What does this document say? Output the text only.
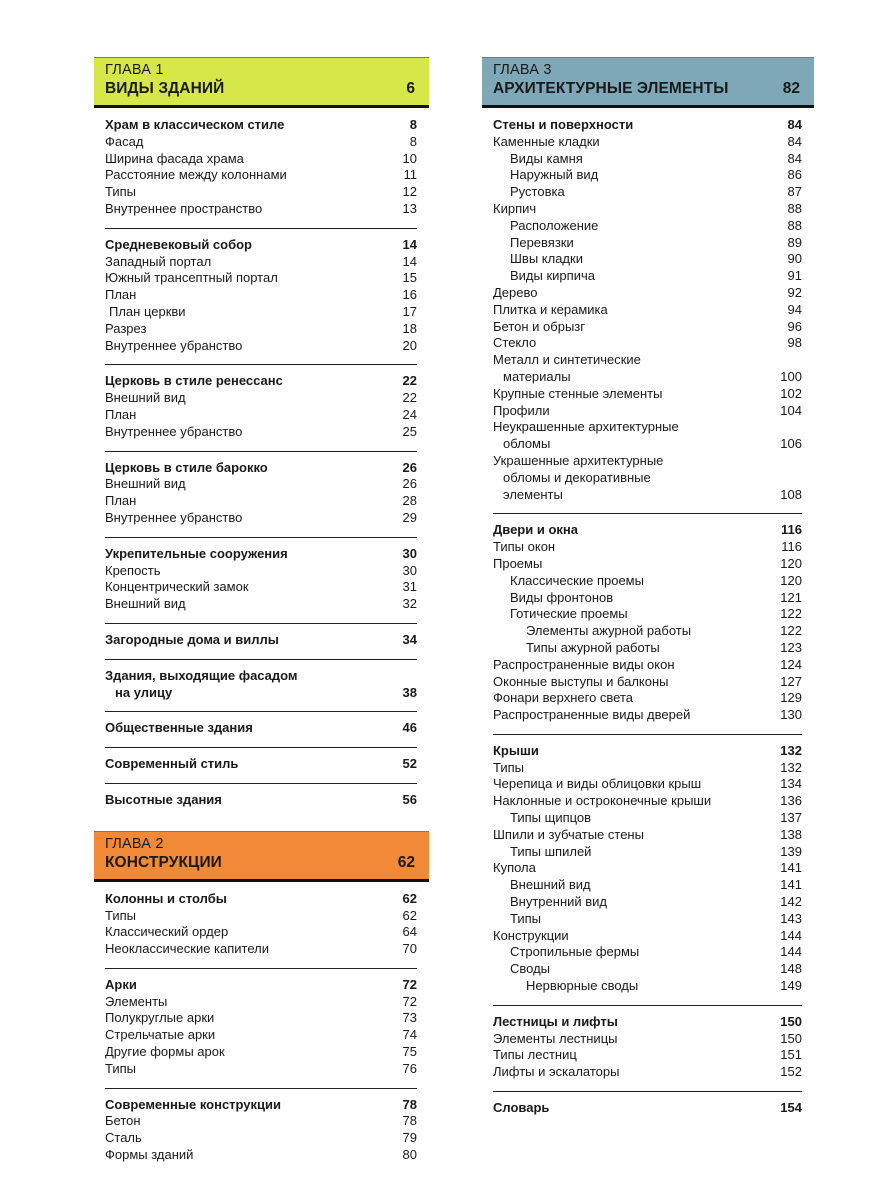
ГЛАВА 1
ВИДЫ ЗДАНИЙ	6
Храм в классическом стиле	8
Фасад	8
Ширина фасада храма	10
Расстояние между колоннами	11
Типы	12
Внутреннее пространство	13
Средневековый собор	14
Западный портал	14
Южный трансептный портал	15
План	16
План церкви	17
Разрез	18
Внутреннее убранство	20
Церковь в стиле ренессанс	22
Внешний вид	22
План	24
Внутреннее убранство	25
Церковь в стиле барокко	26
Внешний вид	26
План	28
Внутреннее убранство	29
Укрепительные сооружения	30
Крепость	30
Концентрический замок	31
Внешний вид	32
Загородные дома и виллы	34
Здания, выходящие фасадом
на улицу	38
Общественные здания	46
Современный стиль	52
Высотные здания	56
ГЛАВА 2
КОНСТРУКЦИИ	62
Колонны и столбы	62
Типы	62
Классический ордер	64
Неоклассические капители	70
Арки	72
Элементы	72
Полукруглые арки	73
Стрельчатые арки	74
Другие формы арок	75
Типы	76
Современные конструкции	78
Бетон	78
Сталь	79
Формы зданий	80
ГЛАВА 3
АРХИТЕКТУРНЫЕ ЭЛЕМЕНТЫ	82
Стены и поверхности	84
Каменные кладки	84
Виды камня	84
Наружный вид	86
Рустовка	87
Кирпич	88
Расположение	88
Перевязки	89
Швы кладки	90
Виды кирпича	91
Дерево	92
Плитка и керамика	94
Бетон и обрызг	96
Стекло	98
Металл и синтетические
материалы	100
Крупные стенные элементы	102
Профили	104
Неукрашенные архитектурные
обломы	106
Украшенные архитектурные
обломы и декоративные
элементы	108
Двери и окна	116
Типы окон	116
Проемы	120
Классические проемы	120
Виды фронтонов	121
Готические проемы	122
Элементы ажурной работы	122
Типы ажурной работы	123
Распространенные виды окон	124
Оконные выступы и балконы	127
Фонари верхнего света	129
Распространенные виды дверей	130
Крыши	132
Типы	132
Черепица и виды облицовки крыш	134
Наклонные и остроконечные крыши	136
Типы щипцов	137
Шпили и зубчатые стены	138
Типы шпилей	139
Купола	141
Внешний вид	141
Внутренний вид	142
Типы	143
Конструкции	144
Стропильные фермы	144
Своды	148
Нервюрные своды	149
Лестницы и лифты	150
Элементы лестницы	150
Типы лестниц	151
Лифты и эскалаторы	152
Словарь	154
